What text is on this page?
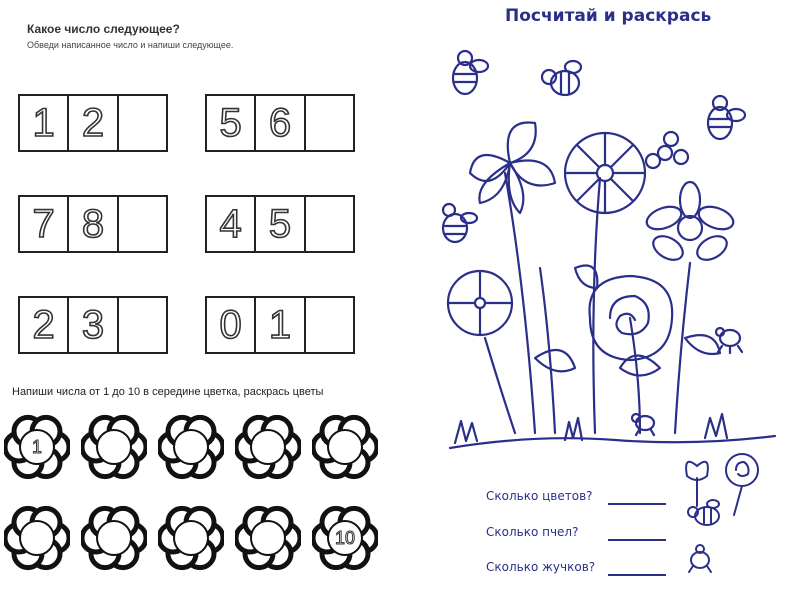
Какое число следующее?
Обведи написанное число и напиши следующее.
1 2	5 6
7 8	4 5
2 3	0 1
Напиши числа от 1 до 10 в середине цветка, раскрась цветы
1
10
Посчитай и раскрась
Сколько цветов?
Сколько пчел?
Сколько жучков?
